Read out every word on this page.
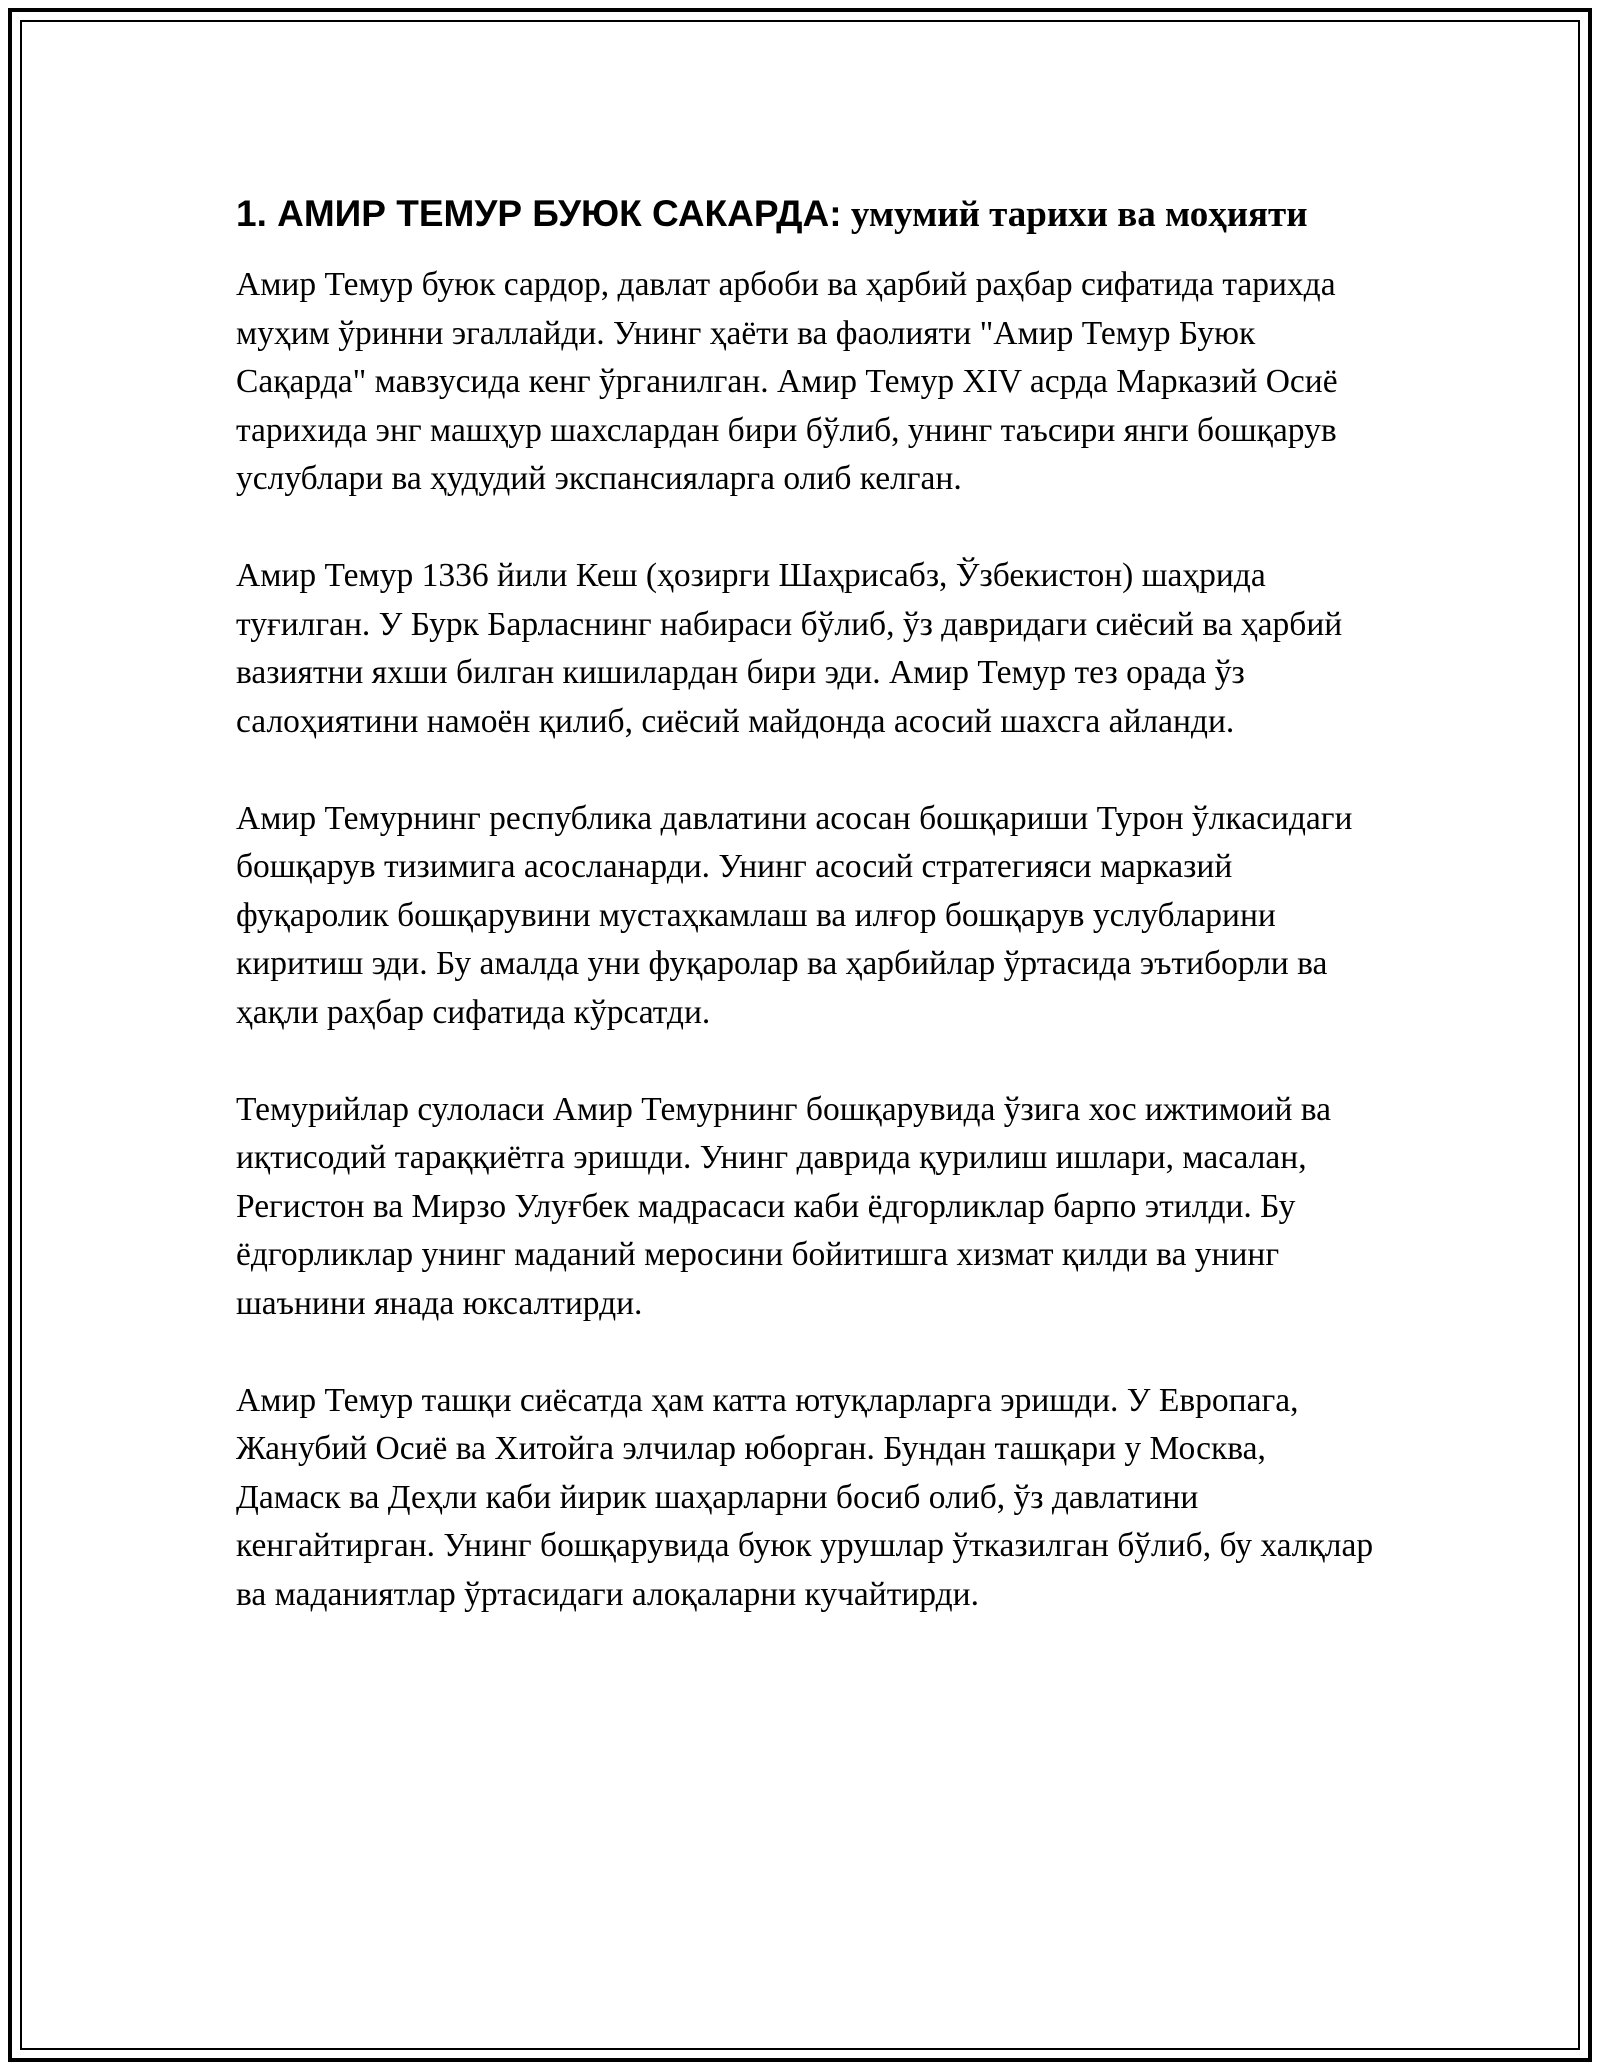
1. АМИР ТЕМУР БУЮК САКАРДА: умумий тарихи ва моҳияти

Амир Темур буюк сардор, давлат арбоби ва ҳарбий раҳбар сифатида тарихда муҳим ўринни эгаллайди. Унинг ҳаёти ва фаолияти "Амир Темур Буюк Сақарда" мавзусида кенг ўрганилган. Амир Темур XIV асрда Марказий Осиё тарихида энг машҳур шахслардан бири бўлиб, унинг таъсири янги бошқарув услублари ва ҳудудий экспансияларга олиб келган.

Амир Темур 1336 йили Кеш (ҳозирги Шаҳрисабз, Ўзбекистон) шаҳрида туғилган. У Бурк Барласнинг набираси бўлиб, ўз давридаги сиёсий ва ҳарбий вазиятни яхши билган кишилардан бири эди. Амир Темур тез орада ўз салоҳиятини намоён қилиб, сиёсий майдонда асосий шахсга айланди.

Амир Темурнинг республика давлатини асосан бошқариши Турон ўлкасидаги бошқарув тизимига асосланарди. Унинг асосий стратегияси марказий фуқаролик бошқарувини мустаҳкамлаш ва илғор бошқарув услубларини киритиш эди. Бу амалда уни фуқаролар ва ҳарбийлар ўртасида эътиборли ва ҳақли раҳбар сифатида кўрсатди.

Темурийлар сулоласи Амир Темурнинг бошқарувида ўзига хос ижтимоий ва иқтисодий тараққиётга эришди. Унинг даврида қурилиш ишлари, масалан, Регистон ва Мирзо Улуғбек мадрасаси каби ёдгорликлар барпо этилди. Бу ёдгорликлар унинг маданий меросини бойитишга хизмат қилди ва унинг шаънини янада юксалтирди.

Амир Темур ташқи сиёсатда ҳам катта ютуқларларга эришди. У Европага, Жанубий Осиё ва Хитойга элчилар юборган. Бундан ташқари у Москва, Дамаск ва Деҳли каби йирик шаҳарларни босиб олиб, ўз давлатини кенгайтирган. Унинг бошқарувида буюк урушлар ўтказилган бўлиб, бу халқлар ва маданиятлар ўртасидаги алоқаларни кучайтирди.
